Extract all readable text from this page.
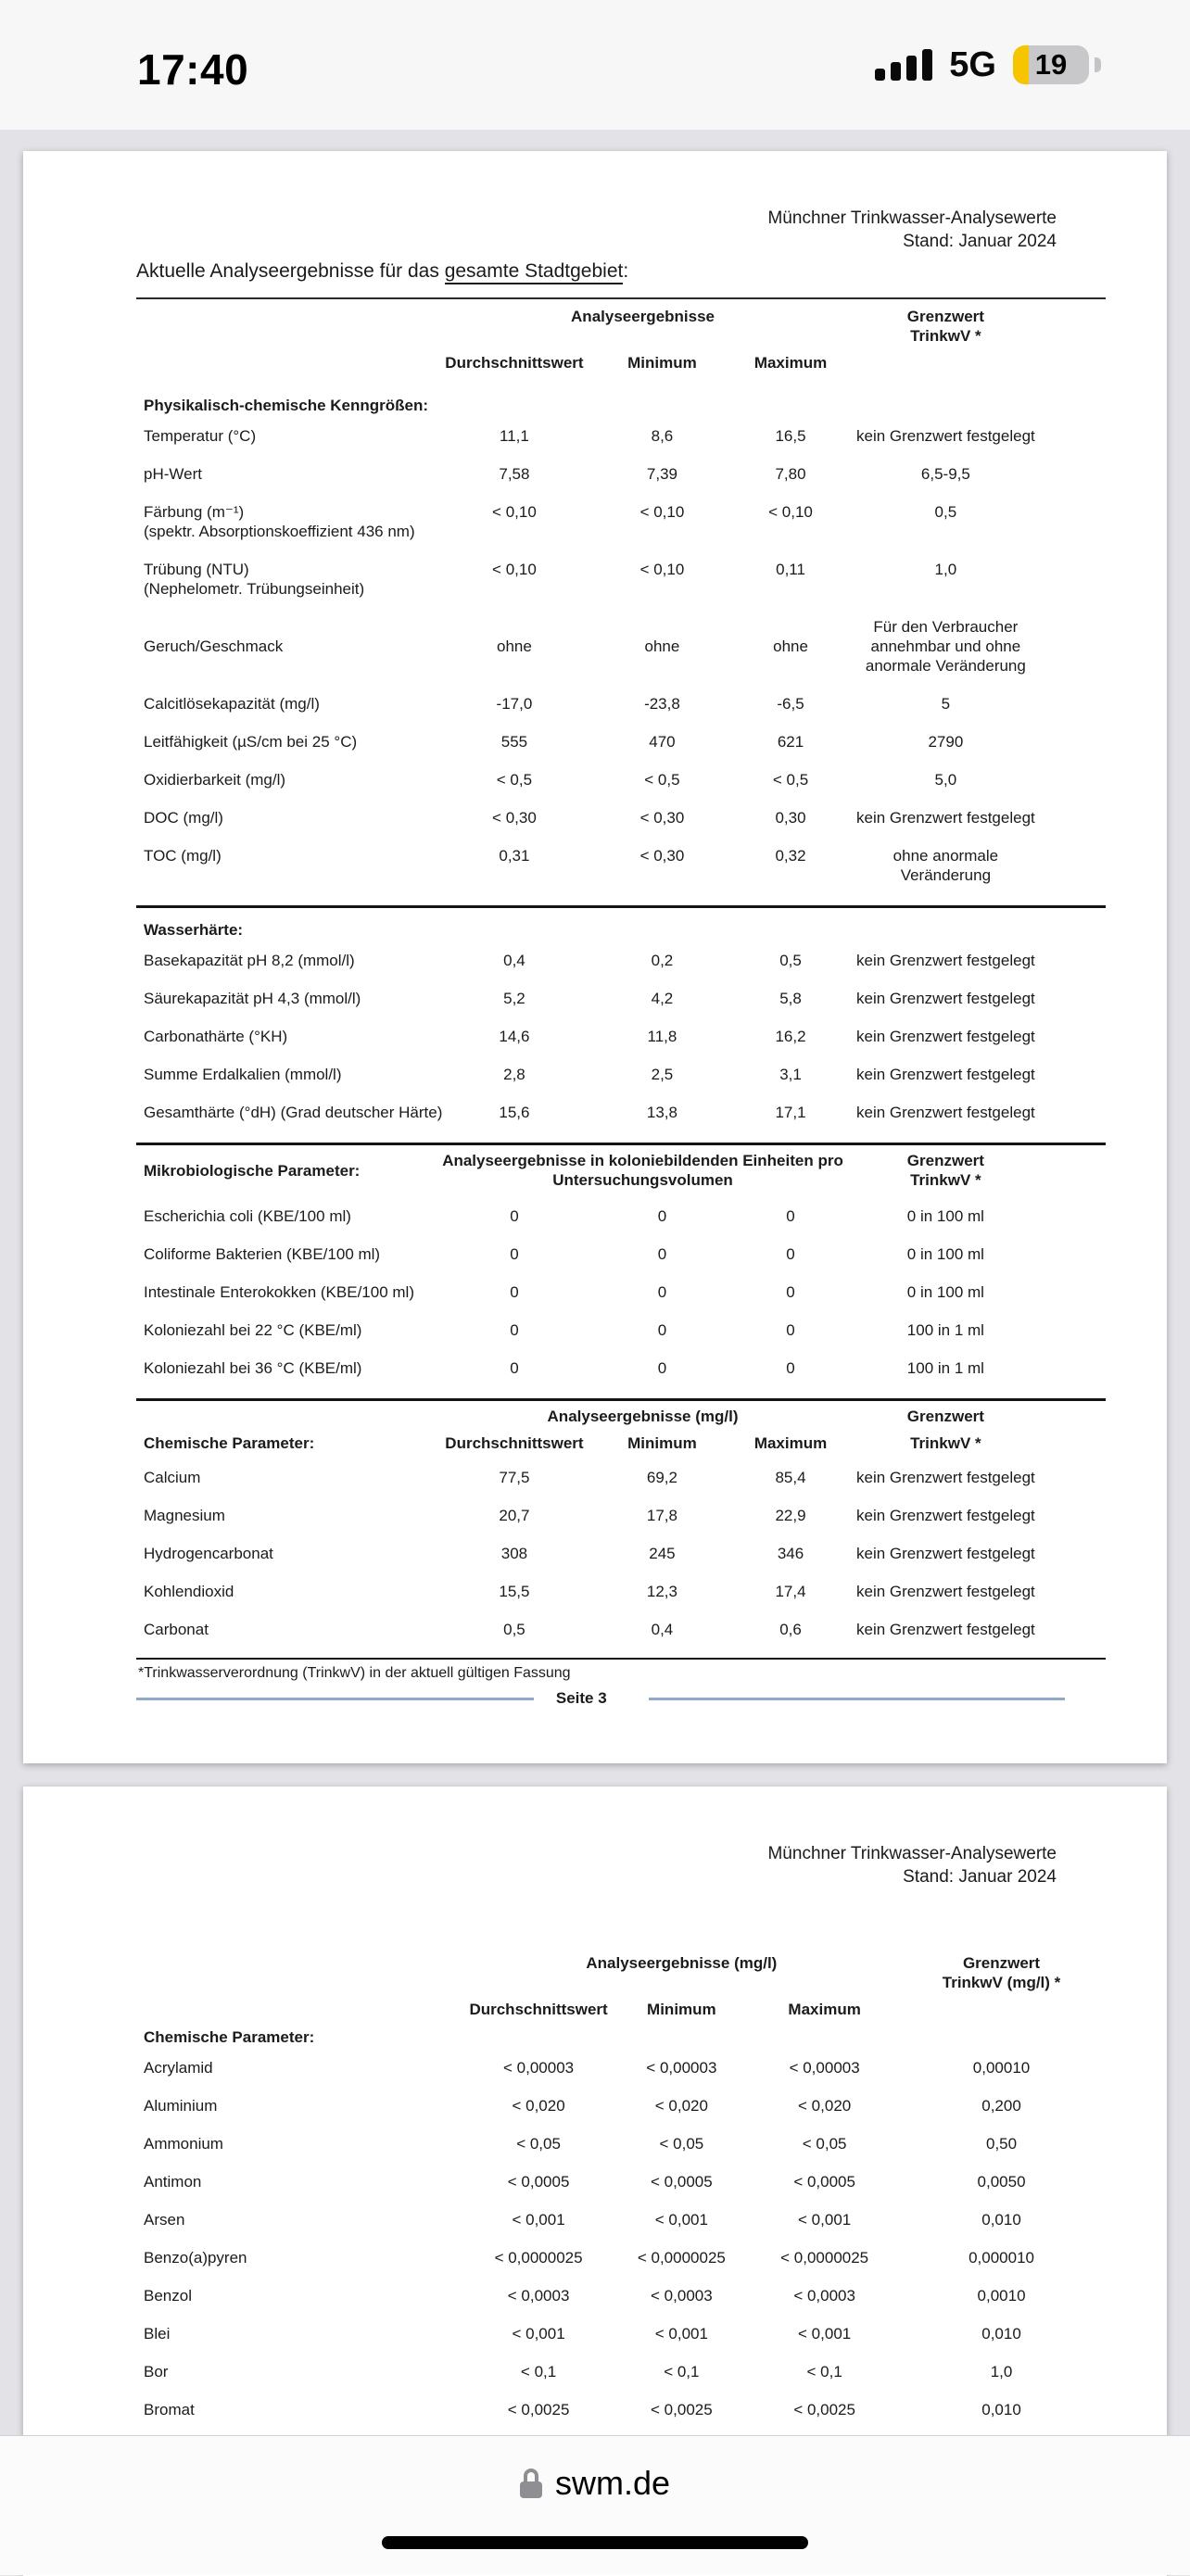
17:40	5G	19
Münchner Trinkwasser-Analysewerte
Stand: Januar 2024
Aktuelle Analyseergebnisse für das gesamte Stadtgebiet:
	Analyseergebnisse			Grenzwert
TrinkwV *	
	Durchschnittswert	Minimum	Maximum		
Physikalisch-chemische Kenngrößen:
Temperatur (°C)	11,1	8,6	16,5	kein Grenzwert festgelegt	
pH-Wert	7,58	7,39	7,80	6,5-9,5	
Färbung (m⁻¹)
(spektr. Absorptionskoeffizient 436 nm)	< 0,10	< 0,10	< 0,10	0,5	
Trübung (NTU)
(Nephelometr. Trübungseinheit)	< 0,10	< 0,10	0,11	1,0	
Geruch/Geschmack	ohne	ohne	ohne	Für den Verbraucher
annehmbar und ohne
anormale Veränderung	
Calcitlösekapazität (mg/l)	-17,0	-23,8	-6,5	5	
Leitfähigkeit (µS/cm bei 25 °C)	555	470	621	2790	
Oxidierbarkeit (mg/l)	< 0,5	< 0,5	< 0,5	5,0	
DOC (mg/l)	< 0,30	< 0,30	0,30	kein Grenzwert festgelegt	
TOC (mg/l)	0,31	< 0,30	0,32	ohne anormale Veränderung	
Wasserhärte:
Basekapazität pH 8,2 (mmol/l)	0,4	0,2	0,5	kein Grenzwert festgelegt	
Säurekapazität pH 4,3 (mmol/l)	5,2	4,2	5,8	kein Grenzwert festgelegt	
Carbonathärte (°KH)	14,6	11,8	16,2	kein Grenzwert festgelegt	
Summe Erdalkalien (mmol/l)	2,8	2,5	3,1	kein Grenzwert festgelegt	
Gesamthärte (°dH) (Grad deutscher Härte)	15,6	13,8	17,1	kein Grenzwert festgelegt	
Mikrobiologische Parameter:	Analyseergebnisse in koloniebildenden Einheiten pro
Untersuchungsvolumen	Grenzwert
TrinkwV *	
Escherichia coli (KBE/100 ml)	0	0	0	0 in 100 ml	
Coliforme Bakterien (KBE/100 ml)	0	0	0	0 in 100 ml	
Intestinale Enterokokken (KBE/100 ml)	0	0	0	0 in 100 ml	
Koloniezahl bei 22 °C (KBE/ml)	0	0	0	100 in 1 ml	
Koloniezahl bei 36 °C (KBE/ml)	0	0	0	100 in 1 ml	
	Analyseergebnisse (mg/l)			Grenzwert	
Chemische Parameter:	Durchschnittswert	Minimum	Maximum	TrinkwV *	
Calcium	77,5	69,2	85,4	kein Grenzwert festgelegt	
Magnesium	20,7	17,8	22,9	kein Grenzwert festgelegt	
Hydrogencarbonat	308	245	346	kein Grenzwert festgelegt	
Kohlendioxid	15,5	12,3	17,4	kein Grenzwert festgelegt	
Carbonat	0,5	0,4	0,6	kein Grenzwert festgelegt	
*Trinkwasserverordnung (TrinkwV) in der aktuell gültigen Fassung
Seite 3
Münchner Trinkwasser-Analysewerte
Stand: Januar 2024
	Analyseergebnisse (mg/l)			Grenzwert
TrinkwV (mg/l) *	
	Durchschnittswert	Minimum	Maximum		
Chemische Parameter:
Acrylamid	< 0,00003	< 0,00003	< 0,00003	0,00010	
Aluminium	< 0,020	< 0,020	< 0,020	0,200	
Ammonium	< 0,05	< 0,05	< 0,05	0,50	
Antimon	< 0,0005	< 0,0005	< 0,0005	0,0050	
Arsen	< 0,001	< 0,001	< 0,001	0,010	
Benzo(a)pyren	< 0,0000025	< 0,0000025	< 0,0000025	0,000010	
Benzol	< 0,0003	< 0,0003	< 0,0003	0,0010	
Blei	< 0,001	< 0,001	< 0,001	0,010	
Bor	< 0,1	< 0,1	< 0,1	1,0	
Bromat	< 0,0025	< 0,0025	< 0,0025	0,010	
swm.de
